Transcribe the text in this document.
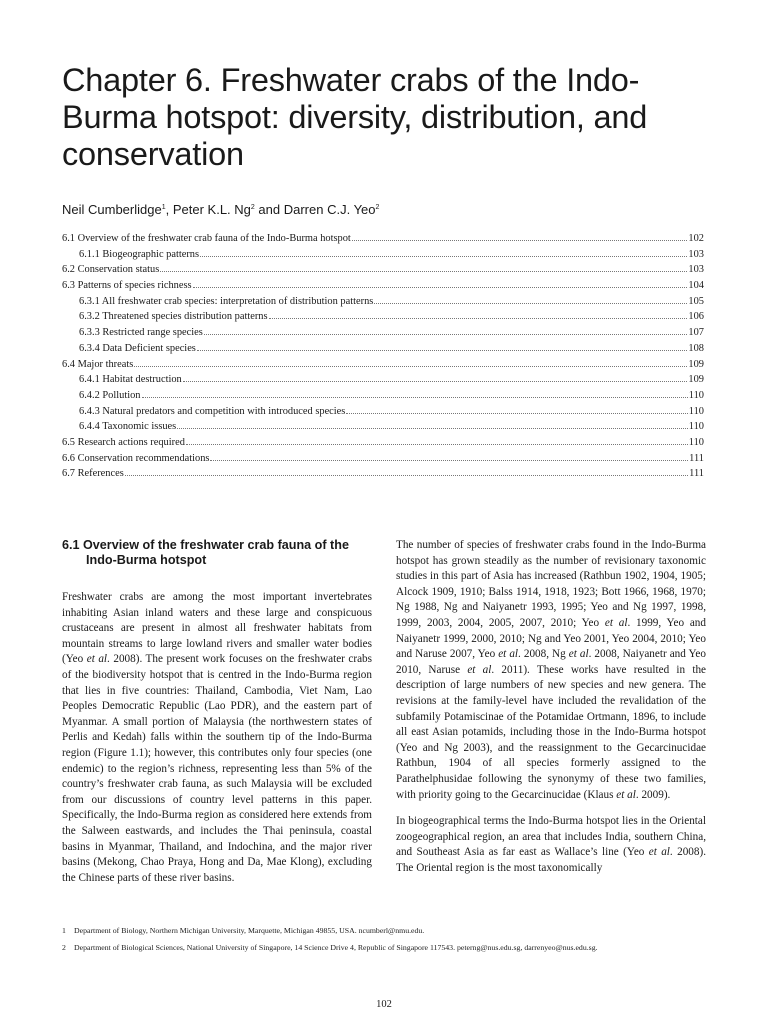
Chapter 6. Freshwater crabs of the Indo-Burma hotspot: diversity, distribution, and conservation
Neil Cumberlidge$^1$, Peter K.L. Ng$^2$ and Darren C.J. Yeo$^2$
6.1 Overview of the freshwater crab fauna of the Indo-Burma hotspot	102
6.1.1 Biogeographic patterns	103
6.2 Conservation status	103
6.3 Patterns of species richness	104
6.3.1 All freshwater crab species: interpretation of distribution patterns	105
6.3.2 Threatened species distribution patterns	106
6.3.3 Restricted range species	107
6.3.4 Data Deficient species	108
6.4 Major threats	109
6.4.1 Habitat destruction	109
6.4.2 Pollution	110
6.4.3 Natural predators and competition with introduced species	110
6.4.4 Taxonomic issues	110
6.5 Research actions required	110
6.6 Conservation recommendations	111
6.7 References	111
6.1 Overview of the freshwater crab fauna of the Indo-Burma hotspot

Freshwater crabs are among the most important invertebrates inhabiting Asian inland waters and these large and conspicuous crustaceans are present in almost all freshwater habitats from mountain streams to large lowland rivers and smaller water bodies (Yeo et al. 2008). The present work focuses on the freshwater crabs of the biodiversity hotspot that is centred in the Indo-Burma region that lies in five countries: Thailand, Cambodia, Viet Nam, Lao Peoples Democratic Republic (Lao PDR), and the eastern part of Myanmar. A small portion of Malaysia (the northwestern states of Perlis and Kedah) falls within the southern tip of the Indo-Burma region (Figure 1.1); however, this contributes only four species (one endemic) to the region’s richness, representing less than 5% of the country’s freshwater crab fauna, as such Malaysia will be excluded from our discussions of country level patterns in this paper. Specifically, the Indo-Burma region as considered here extends from the Salween eastwards, and includes the Thai peninsula, coastal basins in Myanmar, Thailand, and Indochina, and the major river basins (Mekong, Chao Praya, Hong and Da, Mae Klong), excluding the Chinese parts of these river basins.

The number of species of freshwater crabs found in the Indo-Burma hotspot has grown steadily as the number of revisionary taxonomic studies in this part of Asia has increased (Rathbun 1902, 1904, 1905; Alcock 1909, 1910; Balss 1914, 1918, 1923; Bott 1966, 1968, 1970; Ng 1988, Ng and Naiyanetr 1993, 1995; Yeo and Ng 1997, 1998, 1999, 2003, 2004, 2005, 2007, 2010; Yeo et al. 1999, Yeo and Naiyanetr 1999, 2000, 2010; Ng and Yeo 2001, Yeo 2004, 2010; Yeo and Naruse 2007, Yeo et al. 2008, Ng et al. 2008, Naiyanetr and Yeo 2010, Naruse et al. 2011). These works have resulted in the description of large numbers of new species and new genera. The revisions at the family-level have included the revalidation of the subfamily Potamiscinae of the Potamidae Ortmann, 1896, to include all east Asian potamids, including those in the Indo-Burma hotspot (Yeo and Ng 2003), and the reassignment to the Gecarcinucidae Rathbun, 1904 of all species formerly assigned to the Parathelphusidae following the synonymy of these two families, with priority going to the Gecarcinucidae (Klaus et al. 2009).

In biogeographical terms the Indo-Burma hotspot lies in the Oriental zoogeographical region, an area that includes India, southern China, and Southeast Asia as far east as Wallace’s line (Yeo et al. 2008). The Oriental region is the most taxonomically

1 Department of Biology, Northern Michigan University, Marquette, Michigan 49855, USA. ncumberl@nmu.edu.
2 Department of Biological Sciences, National University of Singapore, 14 Science Drive 4, Republic of Singapore 117543. peterng@nus.edu.sg, darrenyeo@nus.edu.sg.
102
